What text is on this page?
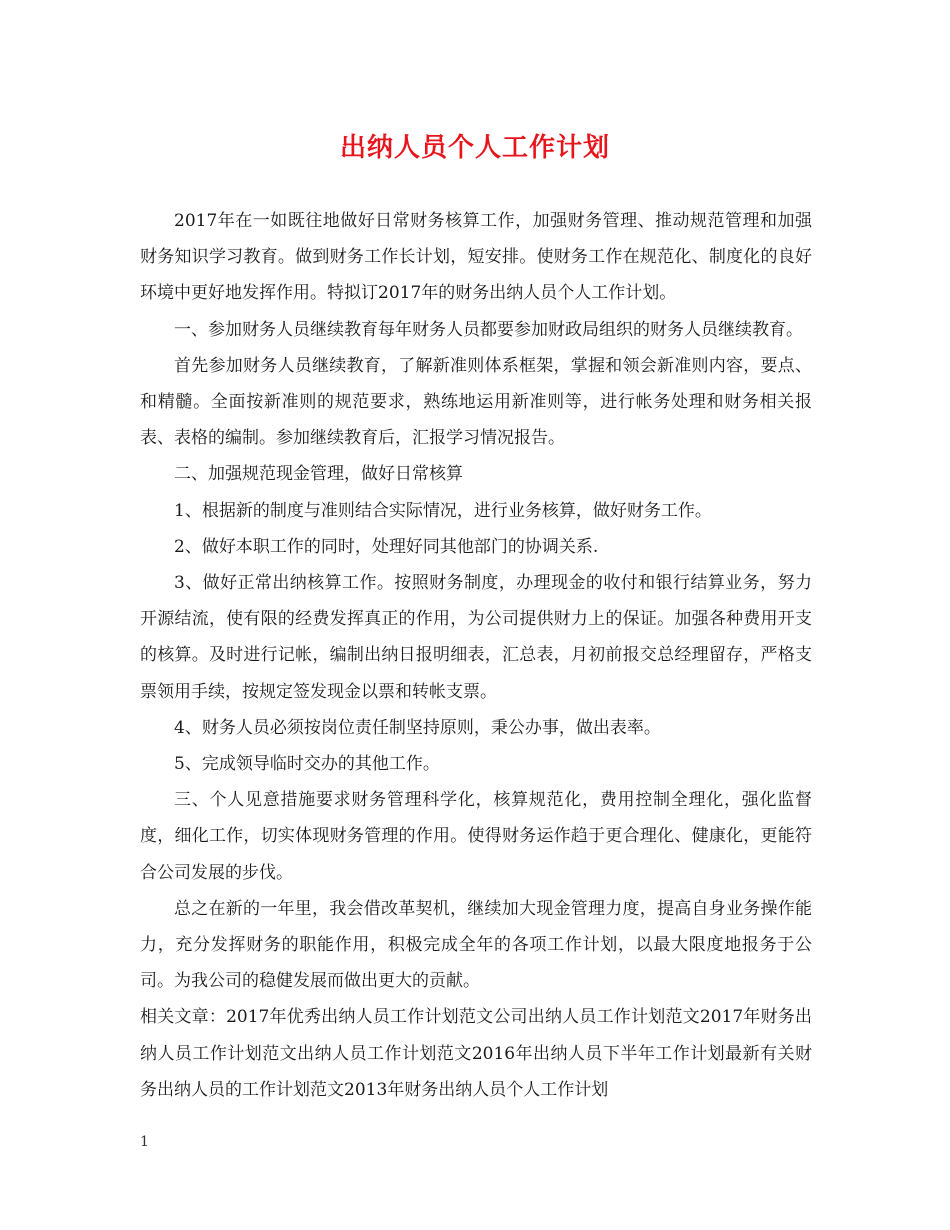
出纳人员个人工作计划

2017年在一如既往地做好日常财务核算工作，加强财务管理、推动规范管理和加强财务知识学习教育。做到财务工作长计划，短安排。使财务工作在规范化、制度化的良好环境中更好地发挥作用。特拟订2017年的财务出纳人员个人工作计划。

一、参加财务人员继续教育每年财务人员都要参加财政局组织的财务人员继续教育。

首先参加财务人员继续教育，了解新准则体系框架，掌握和领会新准则内容，要点、和精髓。全面按新准则的规范要求，熟练地运用新准则等，进行帐务处理和财务相关报表、表格的编制。参加继续教育后，汇报学习情况报告。

二、加强规范现金管理，做好日常核算

1、根据新的制度与准则结合实际情况，进行业务核算，做好财务工作。

2、做好本职工作的同时，处理好同其他部门的协调关系.

3、做好正常出纳核算工作。按照财务制度，办理现金的收付和银行结算业务，努力开源结流，使有限的经费发挥真正的作用，为公司提供财力上的保证。加强各种费用开支的核算。及时进行记帐，编制出纳日报明细表，汇总表，月初前报交总经理留存，严格支票领用手续，按规定签发现金以票和转帐支票。

4、财务人员必须按岗位责任制坚持原则，秉公办事，做出表率。

5、完成领导临时交办的其他工作。

三、个人见意措施要求财务管理科学化，核算规范化，费用控制全理化，强化监督度，细化工作，切实体现财务管理的作用。使得财务运作趋于更合理化、健康化，更能符合公司发展的步伐。

总之在新的一年里，我会借改革契机，继续加大现金管理力度，提高自身业务操作能力，充分发挥财务的职能作用，积极完成全年的各项工作计划，以最大限度地报务于公司。为我公司的稳健发展而做出更大的贡献。

相关文章：2017年优秀出纳人员工作计划范文公司出纳人员工作计划范文2017年财务出纳人员工作计划范文出纳人员工作计划范文2016年出纳人员下半年工作计划最新有关财务出纳人员的工作计划范文2013年财务出纳人员个人工作计划

1
